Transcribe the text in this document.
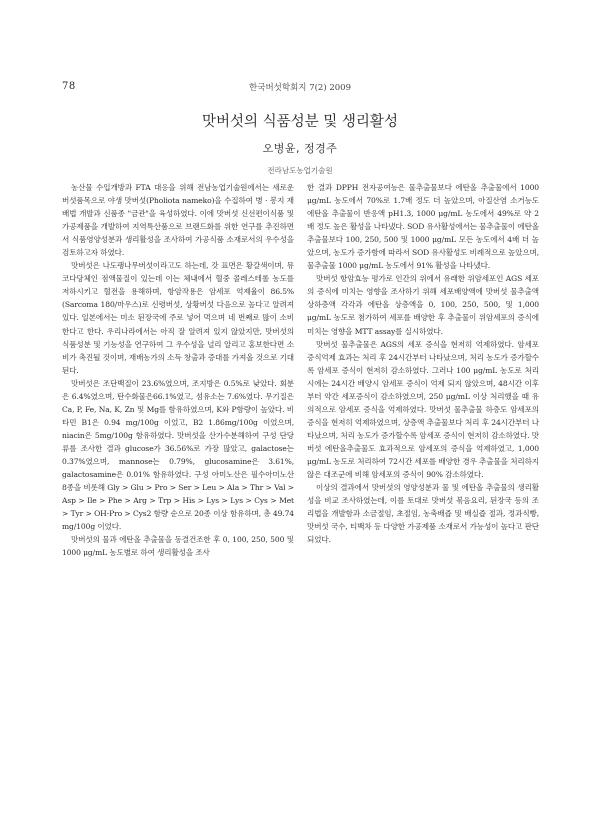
78	한국버섯학회지 7(2) 2009
맛버섯의 식품성분 및 생리활성
오병윤, 정경주
전라남도농업기술원

농산물 수입개방과 FTA 대응을 위해 전남농업기술원에서는 새로운 버섯품목으로 야생 맛버섯(Pholiota nameko)을 수집하여 병 · 봉지 재배법 개발과 신품종 "금관"을 육성하였다. 이에 맛버섯 신선편이식품 및 가공제품을 개발하여 지역특산품으로 브랜드화를 위한 연구를 추진하면서 식품영양성분과 생리활성을 조사하여 가공식품 소재로서의 우수성을 검토하고자 하였다.

맛버섯은 나도팽나무버섯이라고도 하는데, 갓 표면은 황갈색이며, 뮤코다당체인 점액물질이 있는데 이는 체내에서 혈중 콜레스테롤 농도를 저하시키고 혈전을 용해하며, 항암작용은 암세포 억제율이 86.5%(Sarcoma 180/마우스)로 신령버섯, 상황버섯 다음으로 높다고 알려져 있다. 일본에서는 미소 된장국에 주로 넣어 먹으며 네 번째로 많이 소비한다고 한다. 우리나라에서는 아직 잘 알려져 있지 않았지만, 맛버섯의 식품성분 및 기능성을 연구하여 그 우수성을 널리 알리고 홍보한다면 소비가 촉진될 것이며, 재배농가의 소득 창출과 증대를 가져올 것으로 기대된다.

맛버섯은 조단백질이 23.6%였으며, 조지방은 0.5%로 낮았다. 회분은 6.4%였으며, 탄수화물은66.1%였고, 섬유소는 7.6%였다. 무기질은 Ca, P, Fe, Na, K, Zn 및 Mg를 함유하였으며, K와 P함량이 높았다. 비타민 B1은 0.94 mg/100g 이었고, B2 1.86mg/100g 이었으며, niacin은 5mg/100g 함유하였다. 맛버섯을 산가수분해하여 구성 단당류를 조사한 결과 glucose가 36.56%로 가장 많았고, galactose는 0.37%였으며, mannose는 0.79%, glucosamine은 3.61%, galactosamine은 0.01% 함유하였다. 구성 아미노산은 필수아미노산 8종을 비롯해 Gly > Glu > Pro > Ser > Leu > Ala > Thr > Val > Asp > Ile > Phe > Arg > Trp > His > Lys > Lys > Cys > Met > Tyr > OH-Pro > Cys2 함량 순으로 20종 이상 함유하며, 총 49.74 mg/100g 이었다.

맛버섯의 물과 에탄올 추출물을 동결건조한 후 0, 100, 250, 500 및 1000 μg/mL 농도별로 하여 생리활성을 조사

한 결과 DPPH 전자공여능은 물추출물보다 에탄올 추출물에서 1000 μg/mL 농도에서 70%로 1.7배 정도 더 높았으며, 아질산염 소거능도 에탄올 추출물이 반응액 pH1.3, 1000 μg/mL 농도에서 49%로 약 2배 정도 높은 활성을 나타냈다. SOD 유사활성에서는 물추출물이 에탄올 추출물보다 100, 250, 500 및 1000 μg/mL 모든 농도에서 4배 더 높았으며, 농도가 증가함에 따라서 SOD 유사활성도 비례적으로 높았으며, 물추출물 1000 μg/mL 농도에서 91% 활성을 나타냈다.

맛버섯 항암효능 평가로 인간의 위에서 유래한 위암세포인 AGS 세포의 증식에 미치는 영향을 조사하기 위해 세포배양액에 맛버섯 물추출액 상하층액 각각과 에탄올 상층액을 0, 100, 250, 500, 및 1,000 μg/mL 농도로 첨가하여 세포를 배양한 후 추출물이 위암세포의 증식에 미치는 영향을 MTT assay를 실시하였다.

맛버섯 물추출물은 AGS의 세포 증식을 현저히 억제하였다. 암세포 증식억제 효과는 처리 후 24시간부터 나타났으며, 처리 농도가 증가할수록 암세포 증식이 현저히 감소하였다. 그러나 100 μg/mL 농도로 처리 시에는 24시간 배양시 암세포 증식이 억제 되지 않았으며, 48시간 이후부터 약간 세포증식이 감소하였으며, 250 μg/mL 이상 처리했을 때 유의적으로 암세포 증식을 억제하였다. 맛버섯 물추출물 하층도 암세포의 증식을 현저히 억제하였으며, 상층액 추출물보다 처리 후 24시간부터 나타났으며, 처리 농도가 증가할수록 암세포 증식이 현저히 감소하였다. 맛버섯 에탄올추출물도 효과적으로 암세포의 증식을 억제하였고, 1,000 μg/mL 농도로 처리하여 72시간 세포를 배양한 경우 추출물을 처리하지 않은 대조군에 비해 암세포의 증식이 90% 감소하였다.

이상의 결과에서 맛버섯의 영양성분과 물 및 에탄올 추출물의 생리활성을 비교 조사하였는데, 이를 토대로 맛버섯 볶음요리, 된장국 등의 조리법을 개발함과 소금절임, 초절임, 농축배즙 및 배실즙 절과, 정과식빵, 맛버섯 국수, 티백차 등 다양한 가공제품 소재로서 가능성이 높다고 판단되었다.
